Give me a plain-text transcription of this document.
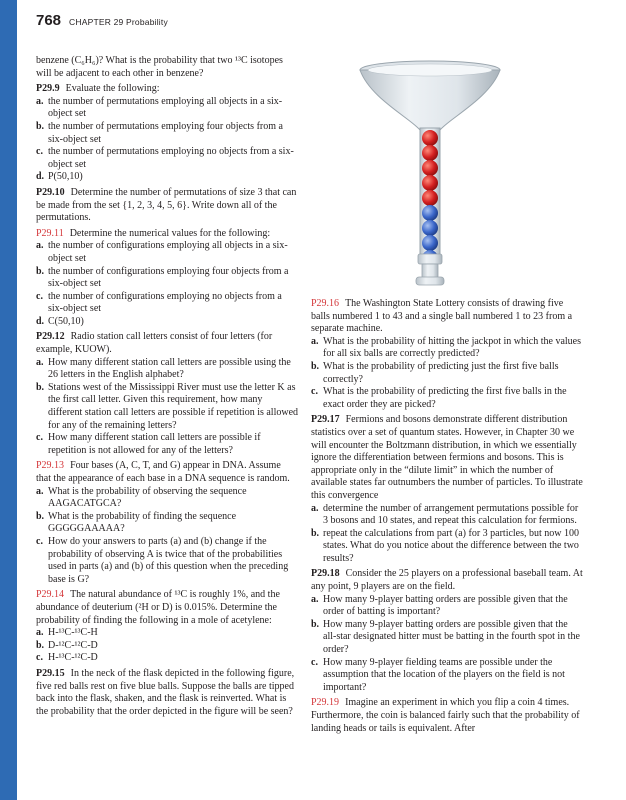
768 CHAPTER 29 Probability

benzene (C₆H₆)? What is the probability that two ¹³C isotopes will be adjacent to each other in benzene?

P29.9 Evaluate the following:

a. the number of permutations employing all objects in a six-object set
b. the number of permutations employing four objects from a six-object set
c. the number of permutations employing no objects from a six-object set
d. P(50,10)

P29.10 Determine the number of permutations of size 3 that can be made from the set {1, 2, 3, 4, 5, 6}. Write down all of the permutations.

P29.11 Determine the numerical values for the following:

a. the number of configurations employing all objects in a six-object set
b. the number of configurations employing four objects from a six-object set
c. the number of configurations employing no objects from a six-object set
d. C(50,10)

P29.12 Radio station call letters consist of four letters (for example, KUOW).

a. How many different station call letters are possible using the 26 letters in the English alphabet?
b. Stations west of the Mississippi River must use the letter K as the first call letter. Given this requirement, how many different station call letters are possible if repetition is allowed for any of the remaining letters?
c. How many different station call letters are possible if repetition is not allowed for any of the letters?

P29.13 Four bases (A, C, T, and G) appear in DNA. Assume that the appearance of each base in a DNA sequence is random.

a. What is the probability of observing the sequence AAGACATGCA?
b. What is the probability of finding the sequence GGGGGAAAAA?
c. How do your answers to parts (a) and (b) change if the probability of observing A is twice that of the probabilities used in parts (a) and (b) of this question when the preceding base is G?

P29.14 The natural abundance of ¹³C is roughly 1%, and the abundance of deuterium (²H or D) is 0.015%. Determine the probability of finding the following in a mole of acetylene:

a. H-¹³C-¹³C-H
b. D-¹²C-¹²C-D
c. H-¹³C-¹²C-D

P29.15 In the neck of the flask depicted in the following figure, five red balls rest on five blue balls. Suppose the balls are tipped back into the flask, shaken, and the flask is reinverted. What is the probability that the order depicted in the figure will be seen?

P29.16 The Washington State Lottery consists of drawing five balls numbered 1 to 43 and a single ball numbered 1 to 23 from a separate machine.

a. What is the probability of hitting the jackpot in which the values for all six balls are correctly predicted?
b. What is the probability of predicting just the first five balls correctly?
c. What is the probability of predicting the first five balls in the exact order they are picked?

P29.17 Fermions and bosons demonstrate different distribution statistics over a set of quantum states. However, in Chapter 30 we will encounter the Boltzmann distribution, in which we essentially ignore the differentiation between fermions and bosons. This is appropriate only in the “dilute limit” in which the number of available states far outnumbers the number of particles. To illustrate this convergence

a. determine the number of arrangement permutations possible for 3 bosons and 10 states, and repeat this calculation for fermions.
b. repeat the calculations from part (a) for 3 particles, but now 100 states. What do you notice about the difference between the two results?

P29.18 Consider the 25 players on a professional baseball team. At any point, 9 players are on the field.

a. How many 9-player batting orders are possible given that the order of batting is important?
b. How many 9-player batting orders are possible given that the all-star designated hitter must be batting in the fourth spot in the order?
c. How many 9-player fielding teams are possible under the assumption that the location of the players on the field is not important?

P29.19 Imagine an experiment in which you flip a coin 4 times. Furthermore, the coin is balanced fairly such that the probability of landing heads or tails is equivalent. After
